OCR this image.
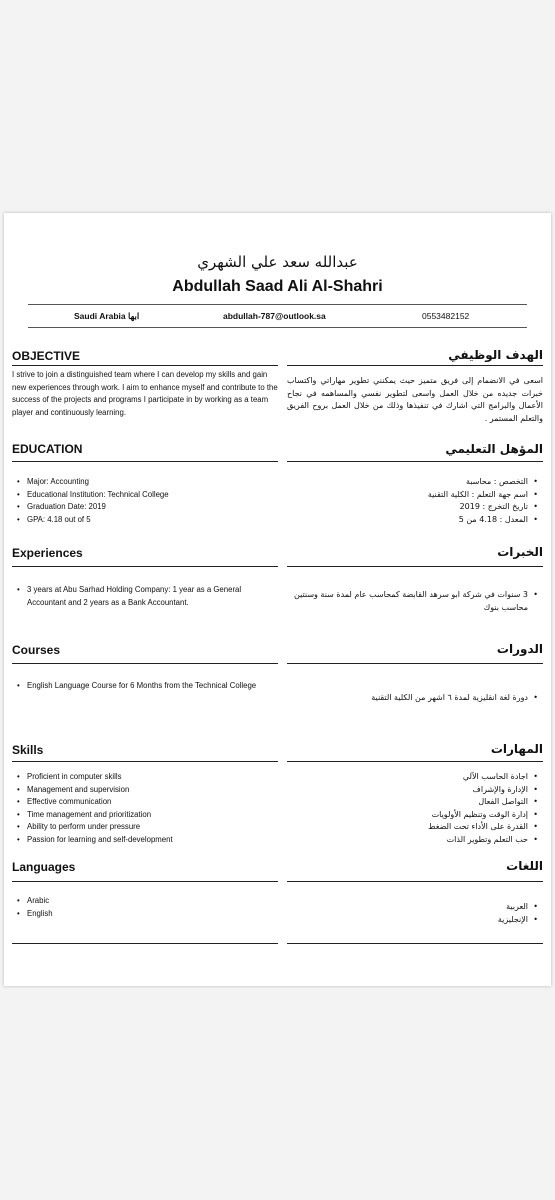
عبدالله سعد علي الشهري
Abdullah Saad Ali Al-Shahri
Saudi Arabia ابها	abdullah-787@outlook.sa	0553482152
OBJECTIVE	الهدف الوظيفي
I strive to join a distinguished team where I can develop my skills and gain new experiences through work. I aim to enhance myself and contribute to the success of the projects and programs I participate in by working as a team player and continuously learning.
اسعى في الانضمام إلى فريق متميز حيث يمكنني تطوير مهاراتي واكتساب خبرات جديده من خلال العمل واسعى لتطوير نفسي والمساهمه في نجاح الأعمال والبرامج التي اشارك في تنفيذها وذلك من خلال العمل بروح الفريق والتعلم المستمر .
EDUCATION	المؤهل التعليمي
• Major: Accounting
• Educational Institution: Technical College
• Graduation Date: 2019
• GPA: 4.18 out of 5
• التخصص : محاسبة
• اسم جهة التعلم : الكلية التقنية
• تاريخ التخرج : 2019
• المعدل : 4.18 من 5
Experiences	الخبرات
• 3 years at Abu Sarhad Holding Company: 1 year as a General Accountant and 2 years as a Bank Accountant.
• 3 سنوات في شركة ابو سرهد القابضة كمحاسب عام لمدة سنة وسنتين محاسب بنوك
Courses	الدورات
• English Language Course for 6 Months from the Technical College
• دورة لغة انقليزية لمدة ٦ اشهر من الكلية التقنية
Skills	المهارات
• Proficient in computer skills
• Management and supervision
• Effective communication
• Time management and prioritization
• Ability to perform under pressure
• Passion for learning and self-development
• اجادة الحاسب الآلي
• الإدارة والإشراف
• التواصل الفعال
• إدارة الوقت وتنظيم الأولويات
• القدرة على الأداء تحت الضغط
• حب التعلم وتطوير الذات
Languages	اللغات
• Arabic
• English
• العربية
• الإنجليزية
